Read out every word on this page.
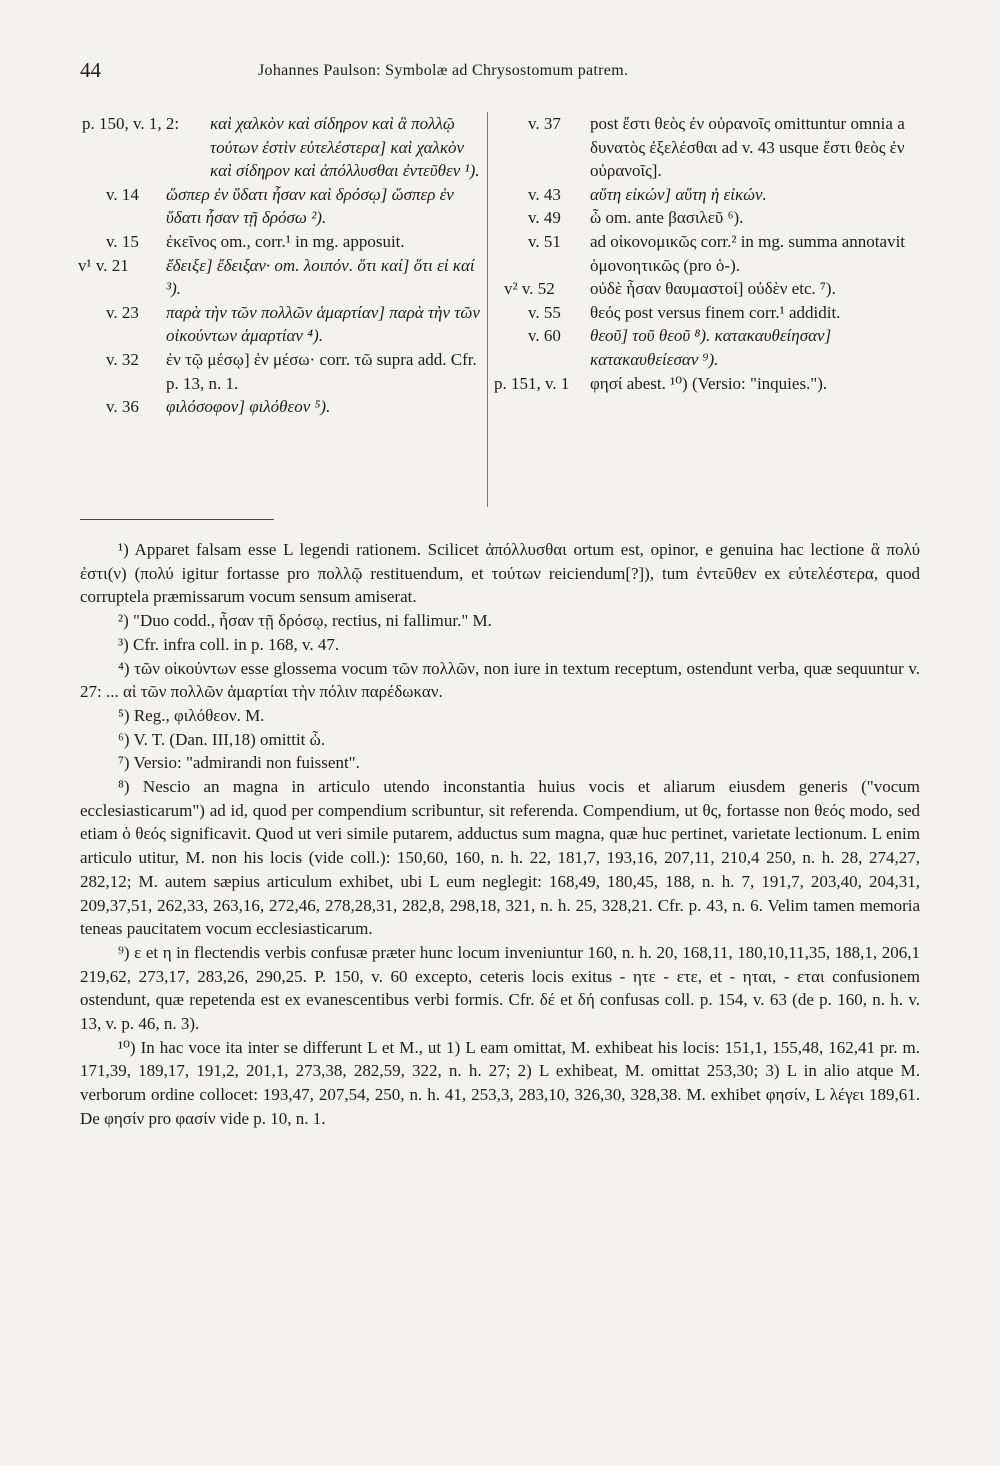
44	Johannes Paulson: Symbolæ ad Chrysostomum patrem.
p. 150, v. 1, 2:	καὶ χαλκὸν καὶ σίδηρον καὶ ἃ πολλῷ τούτων ἐστὶν εὐτελέστερα] καὶ χαλκὸν καὶ σίδηρον καὶ ἀπόλλυσθαι ἐντεῦθεν ¹).
v. 14	ὥσπερ ἐν ὕδατι ἦσαν καὶ δρόσῳ] ὥσπερ ἐν ὕδατι ἦσαν τῇ δρόσω ²).
v. 15	ἐκεῖνος om., corr.¹ in mg. apposuit.
v¹ v. 21	ἔδειξε] ἔδειξαν· om. λοιπόν. ὅτι καί] ὅτι εἰ καί ³).
v. 23	παρὰ τὴν τῶν πολλῶν ἁμαρτίαν] παρὰ τὴν τῶν οἰκούντων ἁμαρτίαν ⁴).
v. 32	ἐν τῷ μέσῳ] ἐν μέσω· corr. τῶ supra add. Cfr. p. 13, n. 1.
v. 36	φιλόσοφον] φιλόθεον ⁵).
v. 37	post ἔστι θεὸς ἐν οὐρανοῖς omittuntur omnia a δυνατὸς ἐξελέσθαι ad v. 43 usque ἔστι θεὸς ἐν οὐρανοῖς].
v. 43	αὕτη εἰκών] αὕτη ἡ εἰκών.
v. 49	ὦ om. ante βασιλεῦ ⁶).
v. 51	ad οἰκονομικῶς corr.² in mg. summa annotavit ὁμονοητικῶς (pro ὁ-).
v² v. 52	οὐδὲ ἦσαν θαυμαστοί] οὐδὲν etc. ⁷).
v. 55	θεός post versus finem corr.¹ addidit.
v. 60	θεοῦ] τοῦ θεοῦ ⁸). κατακαυθείησαν] κατακαυθείεσαν ⁹).
p. 151, v. 1	φησί abest. ¹⁰) (Versio: "inquies.").

¹) Apparet falsam esse L legendi rationem. Scilicet ἀπόλλυσθαι ortum est, opinor, e genuina hac lectione ἃ πολύ ἐστι(ν) (πολύ igitur fortasse pro πολλῷ restituendum, et τούτων reiciendum[?]), tum ἐντεῦθεν ex εὐτελέστερα, quod corruptela præmissarum vocum sensum amiserat.

²) "Duo codd., ἦσαν τῇ δρόσῳ, rectius, ni fallimur." M.

³) Cfr. infra coll. in p. 168, v. 47.

⁴) τῶν οἰκούντων esse glossema vocum τῶν πολλῶν, non iure in textum receptum, ostendunt verba, quæ sequuntur v. 27: ... αἱ τῶν πολλῶν ἁμαρτίαι τὴν πόλιν παρέδωκαν.

⁵) Reg., φιλόθεον. M.

⁶) V. T. (Dan. III,18) omittit ὦ.

⁷) Versio: "admirandi non fuissent".

⁸) Nescio an magna in articulo utendo inconstantia huius vocis et aliarum eiusdem generis ("vocum ecclesiasticarum") ad id, quod per compendium scribuntur, sit referenda. Compendium, ut θς, fortasse non θεός modo, sed etiam ὁ θεός significavit. Quod ut veri simile putarem, adductus sum magna, quæ huc pertinet, varietate lectionum. L enim articulo utitur, M. non his locis (vide coll.): 150,60, 160, n. h. 22, 181,7, 193,16, 207,11, 210,4 250, n. h. 28, 274,27, 282,12; M. autem sæpius articulum exhibet, ubi L eum neglegit: 168,49, 180,45, 188, n. h. 7, 191,7, 203,40, 204,31, 209,37,51, 262,33, 263,16, 272,46, 278,28,31, 282,8, 298,18, 321, n. h. 25, 328,21. Cfr. p. 43, n. 6. Velim tamen memoria teneas paucitatem vocum ecclesiasticarum.

⁹) ε et η in flectendis verbis confusæ præter hunc locum inveniuntur 160, n. h. 20, 168,11, 180,10,11,35, 188,1, 206,1 219,62, 273,17, 283,26, 290,25. P. 150, v. 60 excepto, ceteris locis exitus - ητε - ετε, et - ηται, - εται confusionem ostendunt, quæ repetenda est ex evanescentibus verbi formis. Cfr. δέ et δή confusas coll. p. 154, v. 63 (de p. 160, n. h. v. 13, v. p. 46, n. 3).

¹⁰) In hac voce ita inter se differunt L et M., ut 1) L eam omittat, M. exhibeat his locis: 151,1, 155,48, 162,41 pr. m. 171,39, 189,17, 191,2, 201,1, 273,38, 282,59, 322, n. h. 27; 2) L exhibeat, M. omittat 253,30; 3) L in alio atque M. verborum ordine collocet: 193,47, 207,54, 250, n. h. 41, 253,3, 283,10, 326,30, 328,38. M. exhibet φησίν, L λέγει 189,61. De φησίν pro φασίν vide p. 10, n. 1.
